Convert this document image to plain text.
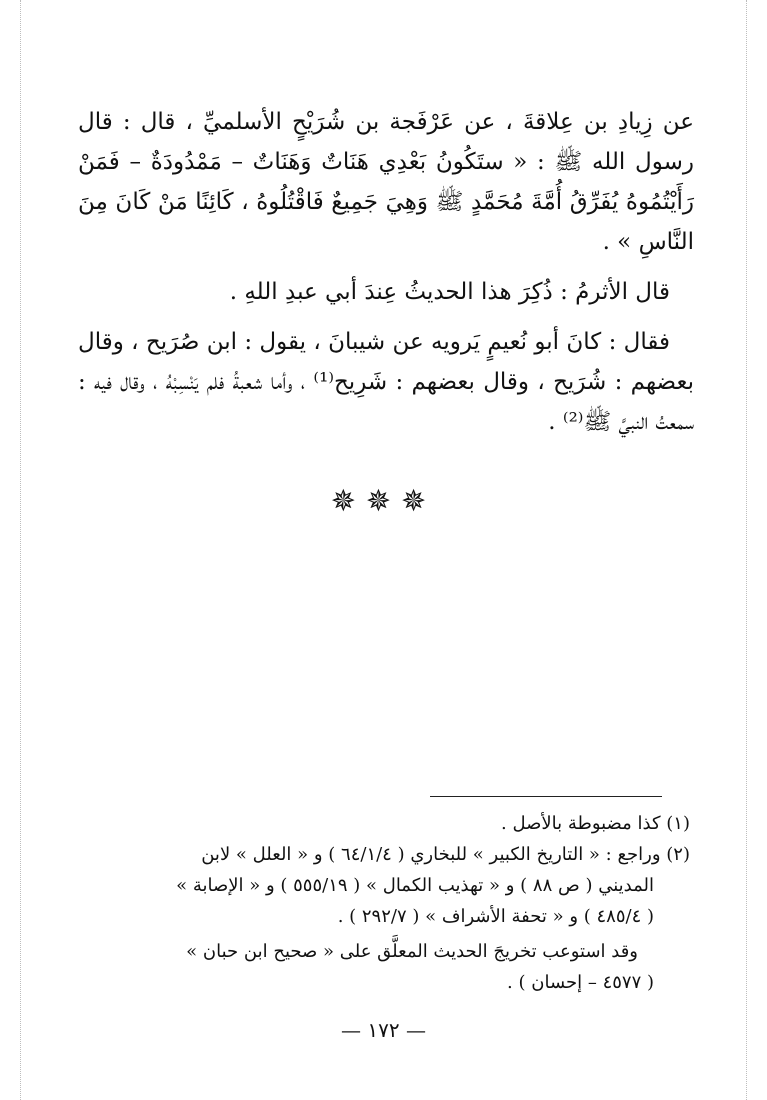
عن زِيادِ بن عِلاقةَ ، عن عَرْفَجة بن شُرَيْحٍ الأسلميِّ ، قال : قال رسول الله ﷺ : « ستَكُونُ بَعْدِي هَنَاتٌ وَهَنَاتٌ – مَمْدُودَةٌ – فَمَنْ رَأَيْتُمُوهُ يُفَرِّقُ أُمَّةَ مُحَمَّدٍ ﷺ وَهِيَ جَمِيعٌ فَاقْتُلُوهُ ، كَائِنًا مَنْ كَانَ مِنَ النَّاسِ » .

قال الأثرمُ : ذُكِرَ هذا الحديثُ عِندَ أبي عبدِ اللهِ .

فقال : كانَ أبو نُعيمٍ يَرويه عن شيبانَ ، يقول : ابن صُرَيح ، وقال بعضهم : شُرَيح ، وقال بعضهم : شَرِيح⁽¹⁾ ، وأما شعبةُ فلم يَنْسِبْهُ ، وقال فيه : سمعتُ النبيَّ ﷺ⁽²⁾ .

✵✵✵

(١) كذا مضبوطة بالأصل .

(٢) وراجع : « التاريخ الكبير » للبخاري ( ٦٤/١/٤ ) و « العلل » لابن

المديني ( ص ٨٨ ) و « تهذيب الكمال » ( ٥٥٥/١٩ ) و « الإصابة »

( ٤٨٥/٤ ) و « تحفة الأشراف » ( ٢٩٢/٧ ) .

وقد استوعب تخريجَ الحديث المعلَّق على « صحيح ابن حبان »

( ٤٥٧٧ – إحسان ) .

— ١٧٢ —
